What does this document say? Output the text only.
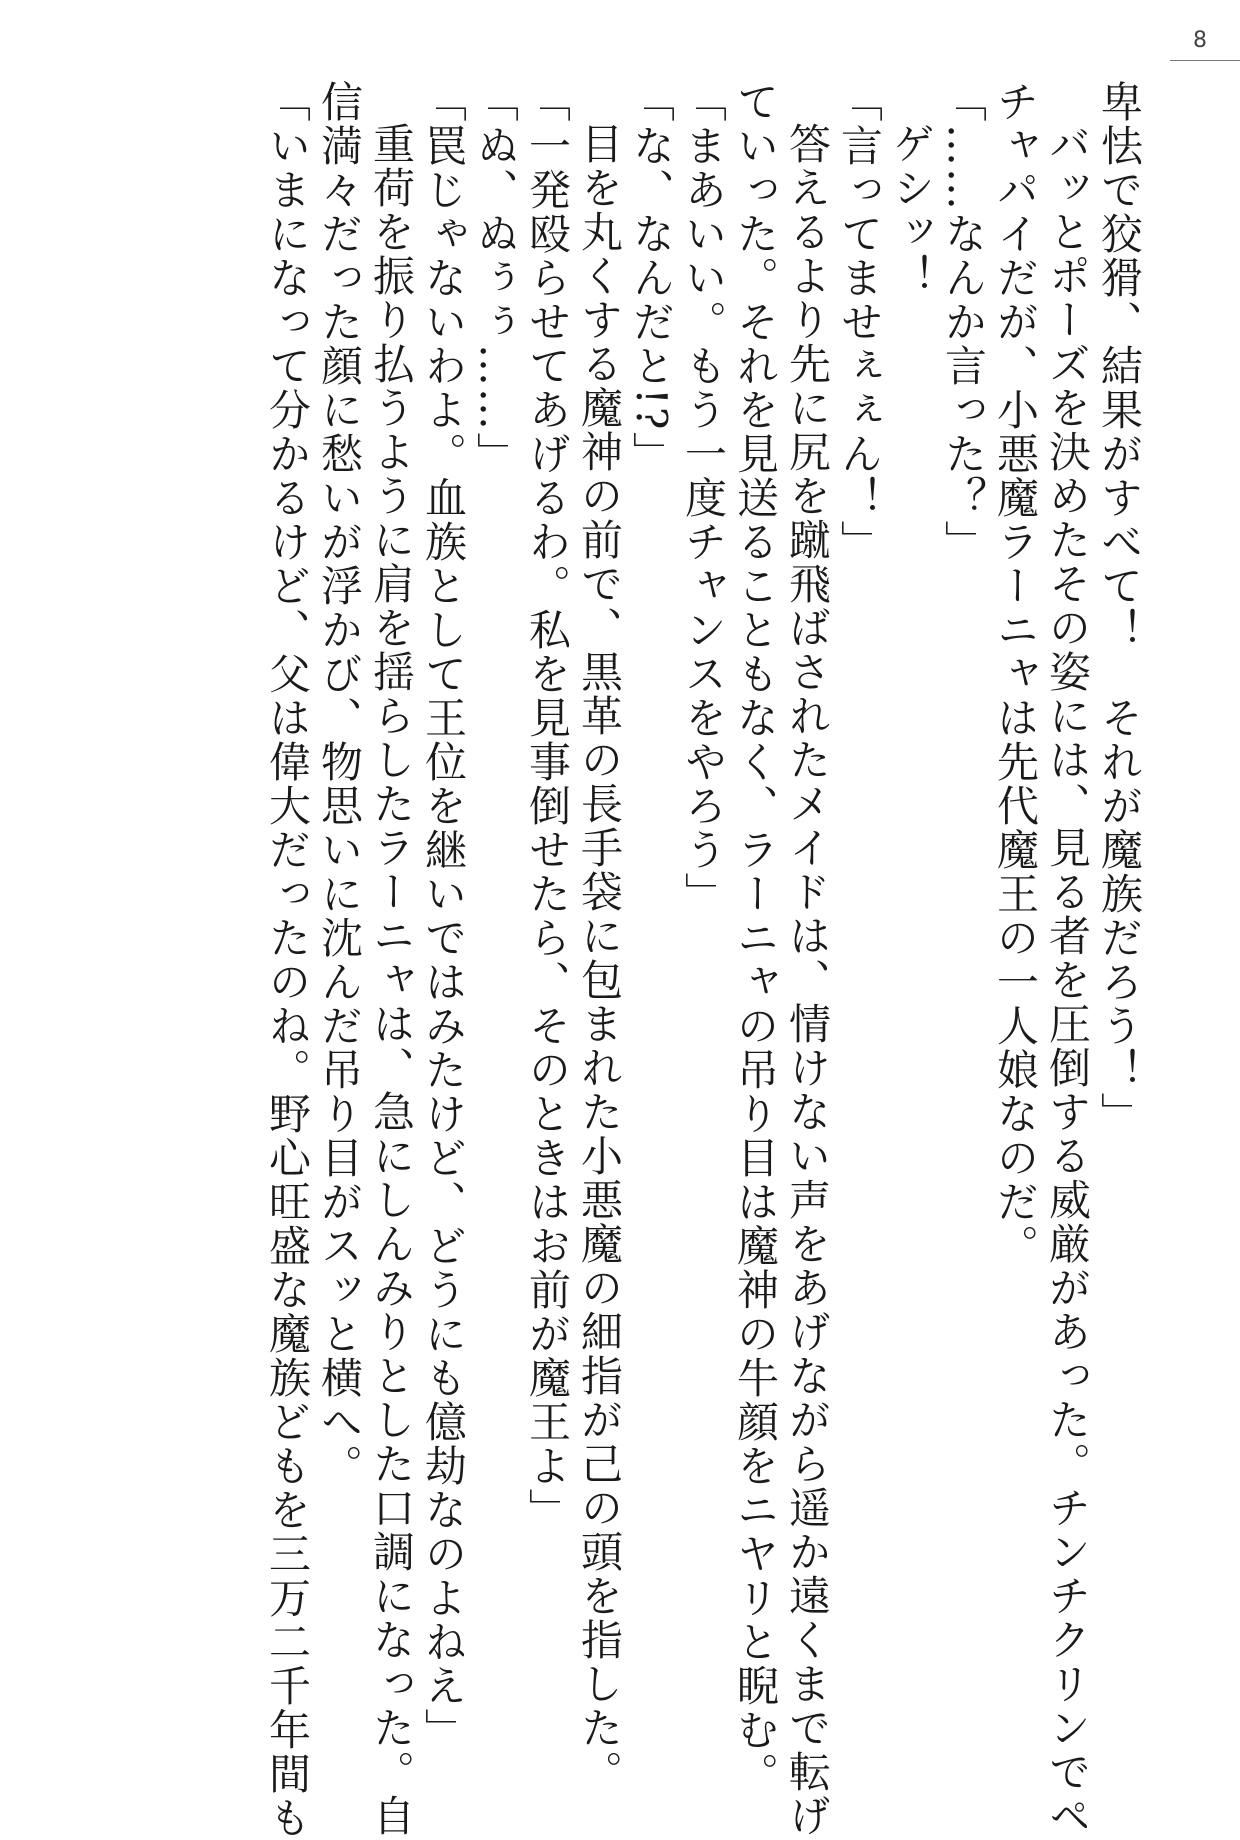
8

卑怯で狡猾、結果がすべて！　それが魔族だろう！」

バッとポーズを決めたその姿には、見る者を圧倒する威厳があった。チンチクリンでペ

チャパイだが、小悪魔ラーニャは先代魔王の一人娘なのだ。

「……なんか言った？」

ゲシッ！

「言ってませぇぇん！」

答えるより先に尻を蹴飛ばされたメイドは、情けない声をあげながら遥か遠くまで転げ

ていった。それを見送ることもなく、ラーニャの吊り目は魔神の牛顔をニヤリと睨む。

「まあいい。もう一度チャンスをやろう」

「な、なんだと!?」

目を丸くする魔神の前で、黒革の長手袋に包まれた小悪魔の細指が己の頭を指した。

「一発殴らせてあげるわ。私を見事倒せたら、そのときはお前が魔王よ」

「ぬ、ぬぅぅ……」

「罠じゃないわよ。血族として王位を継いではみたけど、どうにも億劫なのよねえ」

重荷を振り払うように肩を揺らしたラーニャは、急にしんみりとした口調になった。自

信満々だった顔に愁いが浮かび、物思いに沈んだ吊り目がスッと横へ。

「いまになって分かるけど、父は偉大だったのね。野心旺盛な魔族どもを三万二千年間も
